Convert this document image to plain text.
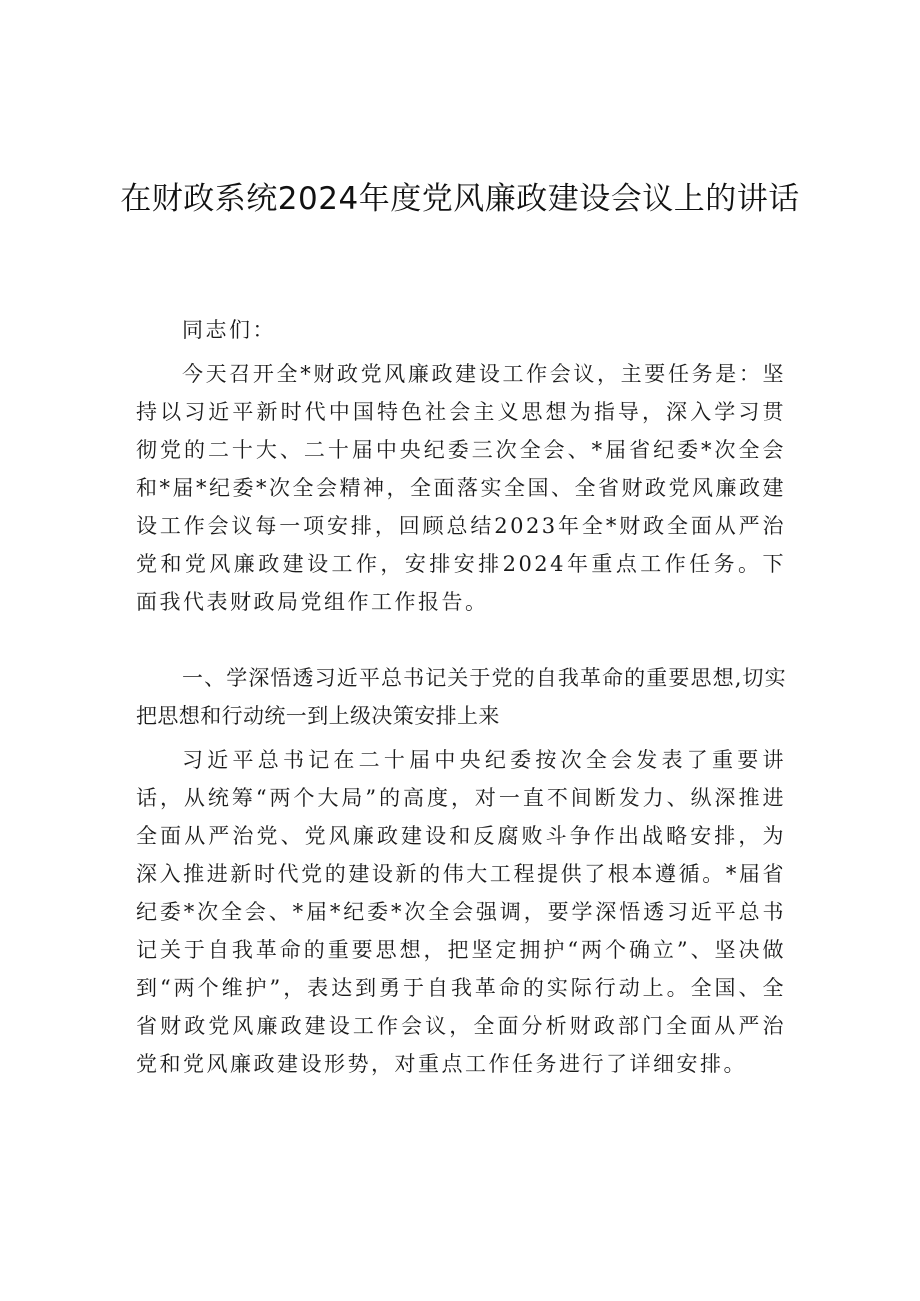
在财政系统2024年度党风廉政建设会议上的讲话
同志们：
今天召开全*财政党风廉政建设工作会议，主要任务是：坚持以习近平新时代中国特色社会主义思想为指导，深入学习贯彻党的二十大、二十届中央纪委三次全会、*届省纪委*次全会和*届*纪委*次全会精神，全面落实全国、全省财政党风廉政建设工作会议每一项安排，回顾总结2023年全*财政全面从严治党和党风廉政建设工作，安排安排2024年重点工作任务。下面我代表财政局党组作工作报告。
一、学深悟透习近平总书记关于党的自我革命的重要思想,切实把思想和行动统一到上级决策安排上来
习近平总书记在二十届中央纪委按次全会发表了重要讲话，从统筹“两个大局”的高度，对一直不间断发力、纵深推进全面从严治党、党风廉政建设和反腐败斗争作出战略安排，为深入推进新时代党的建设新的伟大工程提供了根本遵循。*届省纪委*次全会、*届*纪委*次全会强调，要学深悟透习近平总书记关于自我革命的重要思想，把坚定拥护“两个确立”、坚决做到“两个维护”，表达到勇于自我革命的实际行动上。全国、全省财政党风廉政建设工作会议，全面分析财政部门全面从严治党和党风廉政建设形势，对重点工作任务进行了详细安排。
